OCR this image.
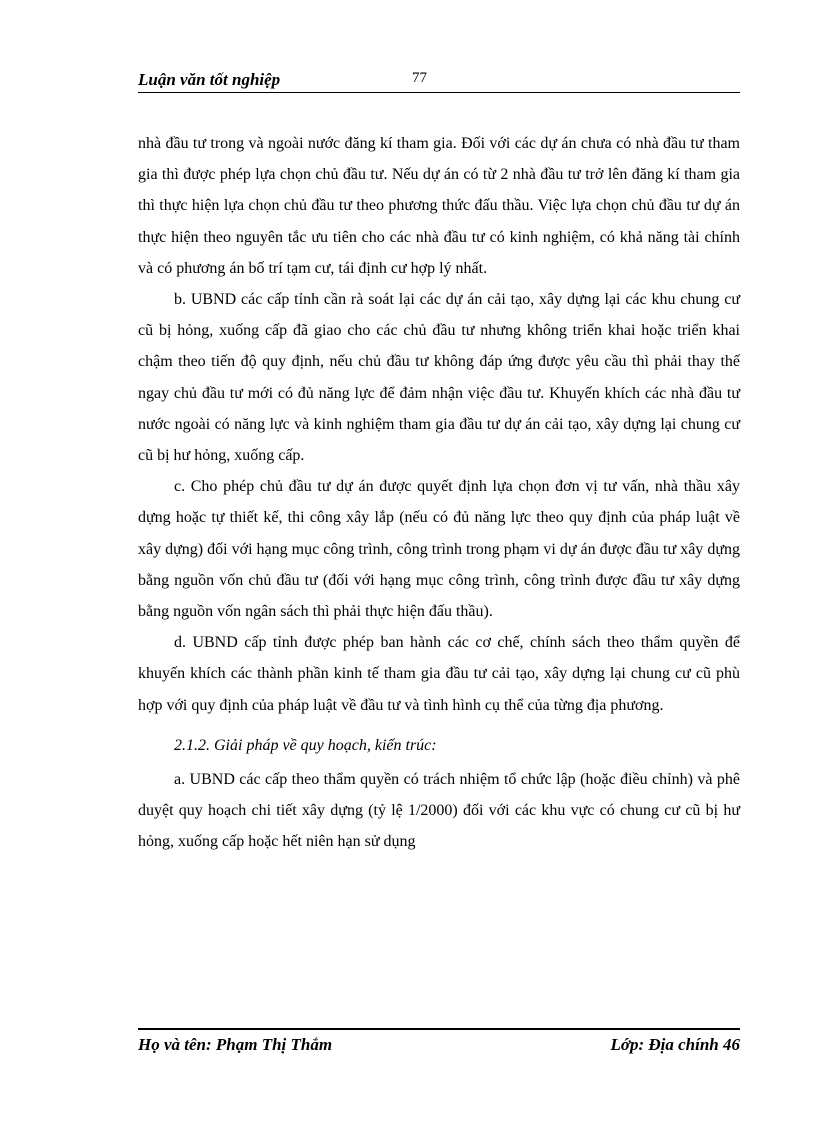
Luận văn tốt nghiệp	77

nhà đầu tư trong và ngoài nước đăng kí tham gia. Đối với các dự án chưa có nhà đầu tư tham gia thì được phép lựa chọn chủ đầu tư. Nếu dự án có từ 2 nhà đầu tư trở lên đăng kí tham gia thì thực hiện lựa chọn chủ đầu tư theo phương thức đấu thầu. Việc lựa chọn chủ đầu tư dự án thực hiện theo nguyên tắc ưu tiên cho các nhà đầu tư có kinh nghiệm, có khả năng tài chính và có phương án bố trí tạm cư, tái định cư hợp lý nhất.

b. UBND các cấp tỉnh cần rà soát lại các dự án cải tạo, xây dựng lại các khu chung cư cũ bị hỏng, xuống cấp đã giao cho các chủ đầu tư nhưng không triển khai hoặc triển khai chậm theo tiến độ quy định, nếu chủ đầu tư không đáp ứng được yêu cầu thì phải thay thế ngay chủ đầu tư mới có đủ năng lực để đảm nhận việc đầu tư. Khuyến khích các nhà đầu tư nước ngoài có năng lực và kinh nghiệm tham gia đầu tư dự án cải tạo, xây dựng lại chung cư cũ bị hư hỏng, xuống cấp.

c. Cho phép chủ đầu tư dự án được quyết định lựa chọn đơn vị tư vấn, nhà thầu xây dựng hoặc tự thiết kế, thi công xây lắp (nếu có đủ năng lực theo quy định của pháp luật về xây dựng) đối với hạng mục công trình, công trình trong phạm vi dự án được đầu tư xây dựng bằng nguồn vốn chủ đầu tư (đối với hạng mục công trình, công trình được đầu tư xây dựng bằng nguồn vốn ngân sách thì phải thực hiện đấu thầu).

d. UBND cấp tỉnh được phép ban hành các cơ chế, chính sách theo thẩm quyền để khuyến khích các thành phần kinh tế tham gia đầu tư cải tạo, xây dựng lại chung cư cũ phù hợp với quy định của pháp luật về đầu tư và tình hình cụ thể của từng địa phương.

2.1.2. Giải pháp về quy hoạch, kiến trúc:

a. UBND các cấp theo thẩm quyền có trách nhiệm tổ chức lập (hoặc điều chỉnh) và phê duyệt quy hoạch chi tiết xây dựng (tỷ lệ 1/2000) đối với các khu vực có chung cư cũ bị hư hỏng, xuống cấp hoặc hết niên hạn sử dụng

Họ và tên: Phạm Thị Thắm	Lớp: Địa chính 46
